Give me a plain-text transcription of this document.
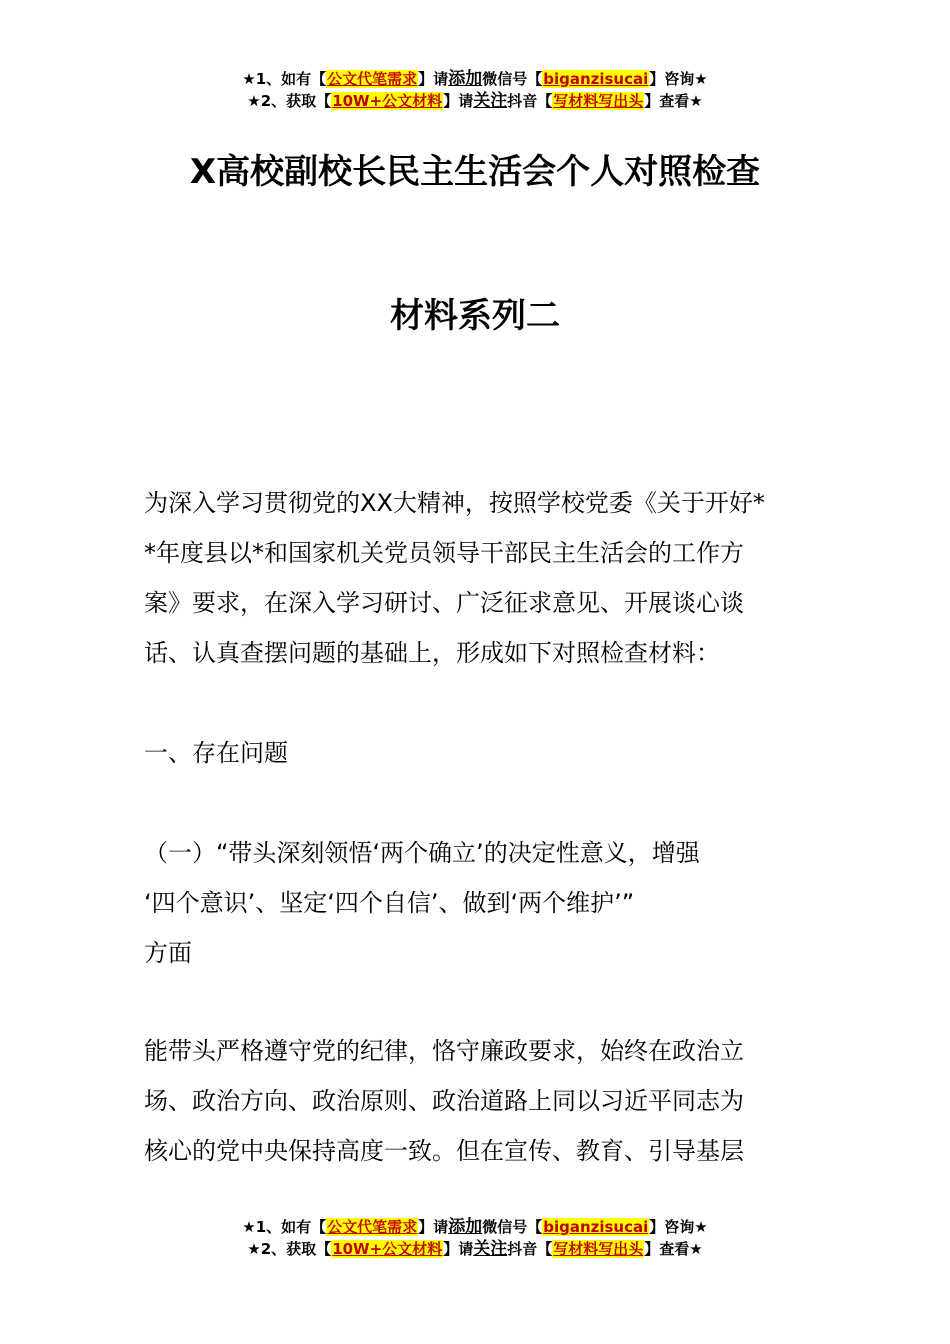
★1、如有【公文代笔需求】请添加微信号【biganzisucai】咨询★
★2、获取【10W+公文材料】请关注抖音【写材料写出头】查看★
X高校副校长民主生活会个人对照检查
材料系列二
为深入学习贯彻党的XX大精神，按照学校党委《关于开好*
*年度县以*和国家机关党员领导干部民主生活会的工作方
案》要求，在深入学习研讨、广泛征求意见、开展谈心谈
话、认真查摆问题的基础上，形成如下对照检查材料：
一、存在问题
（一）“带头深刻领悟‘两个确立’的决定性意义，增强
‘四个意识’、坚定‘四个自信’、做到‘两个维护’”
方面
能带头严格遵守党的纪律，恪守廉政要求，始终在政治立
场、政治方向、政治原则、政治道路上同以习近平同志为
核心的党中央保持高度一致。但在宣传、教育、引导基层
★1、如有【公文代笔需求】请添加微信号【biganzisucai】咨询★
★2、获取【10W+公文材料】请关注抖音【写材料写出头】查看★
